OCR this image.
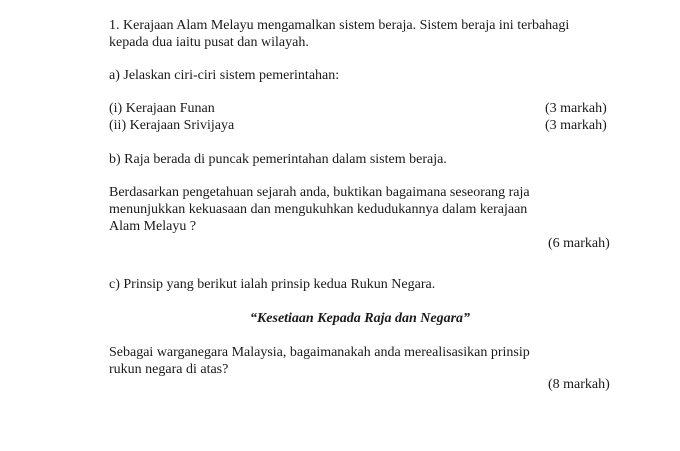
1. Kerajaan Alam Melayu mengamalkan sistem beraja. Sistem beraja ini terbahagi
kepada dua iaitu pusat dan wilayah.
a) Jelaskan ciri-ciri sistem pemerintahan:
(i) Kerajaan Funan	(3 markah)
(ii) Kerajaan Srivijaya	(3 markah)
b) Raja berada di puncak pemerintahan dalam sistem beraja.
Berdasarkan pengetahuan sejarah anda, buktikan bagaimana seseorang raja
menunjukkan kekuasaan dan mengukuhkan kedudukannya dalam kerajaan
Alam Melayu ?
(6 markah)
c) Prinsip yang berikut ialah prinsip kedua Rukun Negara.
“Kesetiaan Kepada Raja dan Negara”
Sebagai warganegara Malaysia, bagaimanakah anda merealisasikan prinsip
rukun negara di atas?
(8 markah)
